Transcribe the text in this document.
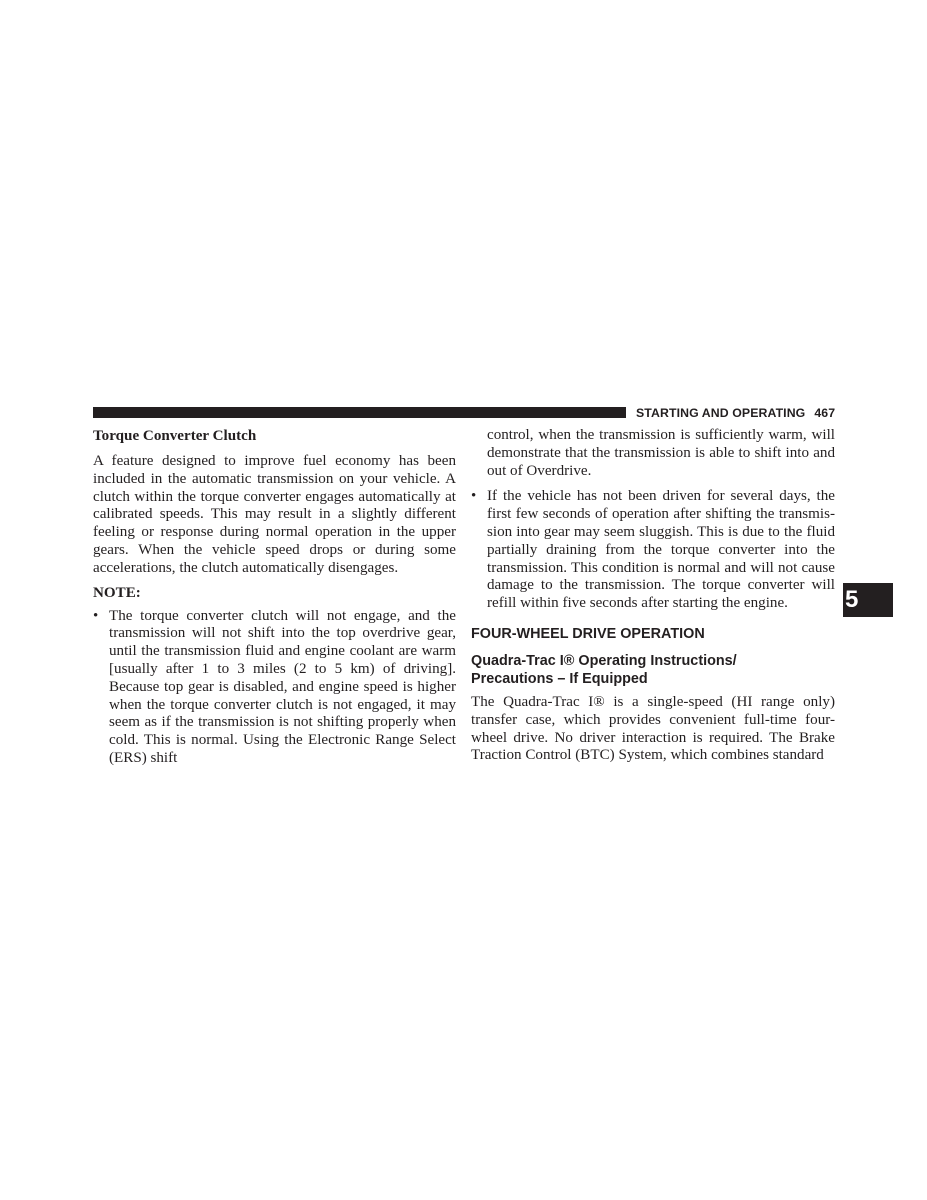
STARTING AND OPERATING 467
5

Torque Converter Clutch

A feature designed to improve fuel economy has been included in the automatic transmission on your vehicle. A clutch within the torque converter engages automatically at calibrated speeds. This may result in a slightly different feeling or response during normal operation in the upper gears. When the vehicle speed drops or during some accelerations, the clutch automatically disengages.

NOTE:

• The torque converter clutch will not engage, and the transmission will not shift into the top overdrive gear, until the transmission fluid and engine coolant are warm [usually after 1 to 3 miles (2 to 5 km) of driving]. Because top gear is disabled, and engine speed is higher when the torque converter clutch is not engaged, it may seem as if the transmission is not shifting properly when cold. This is normal. Using the Electronic Range Select (ERS) shift

control, when the transmission is sufficiently warm, will demonstrate that the transmission is able to shift into and out of Overdrive.

• If the vehicle has not been driven for several days, the first few seconds of operation after shifting the transmis- sion into gear may seem sluggish. This is due to the fluid partially draining from the torque converter into the transmission. This condition is normal and will not cause damage to the transmission. The torque converter will refill within five seconds after starting the engine.

FOUR-WHEEL DRIVE OPERATION

Quadra-Trac I® Operating Instructions/

Precautions – If Equipped

The Quadra-Trac I® is a single-speed (HI range only) transfer case, which provides convenient full-time four- wheel drive. No driver interaction is required. The Brake Traction Control (BTC) System, which combines standard
